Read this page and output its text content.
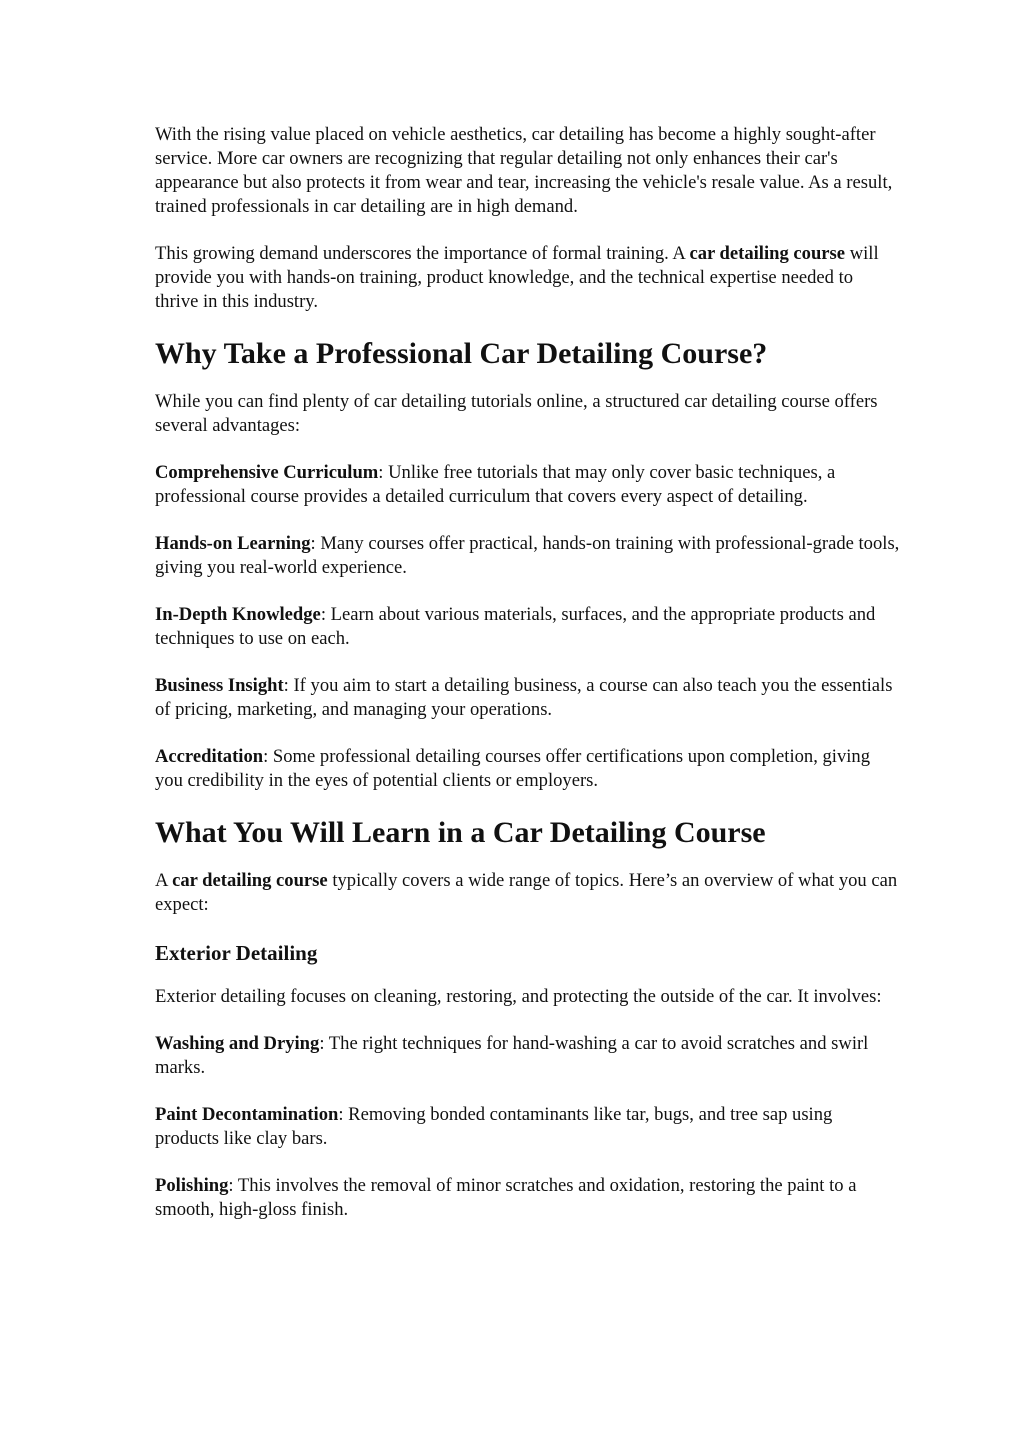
With the rising value placed on vehicle aesthetics, car detailing has become a highly sought-after service. More car owners are recognizing that regular detailing not only enhances their car's appearance but also protects it from wear and tear, increasing the vehicle's resale value. As a result, trained professionals in car detailing are in high demand.

This growing demand underscores the importance of formal training. A car detailing course will provide you with hands-on training, product knowledge, and the technical expertise needed to thrive in this industry.

Why Take a Professional Car Detailing Course?

While you can find plenty of car detailing tutorials online, a structured car detailing course offers several advantages:

Comprehensive Curriculum: Unlike free tutorials that may only cover basic techniques, a professional course provides a detailed curriculum that covers every aspect of detailing.

Hands-on Learning: Many courses offer practical, hands-on training with professional-grade tools, giving you real-world experience.

In-Depth Knowledge: Learn about various materials, surfaces, and the appropriate products and techniques to use on each.

Business Insight: If you aim to start a detailing business, a course can also teach you the essentials of pricing, marketing, and managing your operations.

Accreditation: Some professional detailing courses offer certifications upon completion, giving you credibility in the eyes of potential clients or employers.

What You Will Learn in a Car Detailing Course

A car detailing course typically covers a wide range of topics. Here’s an overview of what you can expect:

Exterior Detailing

Exterior detailing focuses on cleaning, restoring, and protecting the outside of the car. It involves:

Washing and Drying: The right techniques for hand-washing a car to avoid scratches and swirl marks.

Paint Decontamination: Removing bonded contaminants like tar, bugs, and tree sap using products like clay bars.

Polishing: This involves the removal of minor scratches and oxidation, restoring the paint to a smooth, high-gloss finish.
